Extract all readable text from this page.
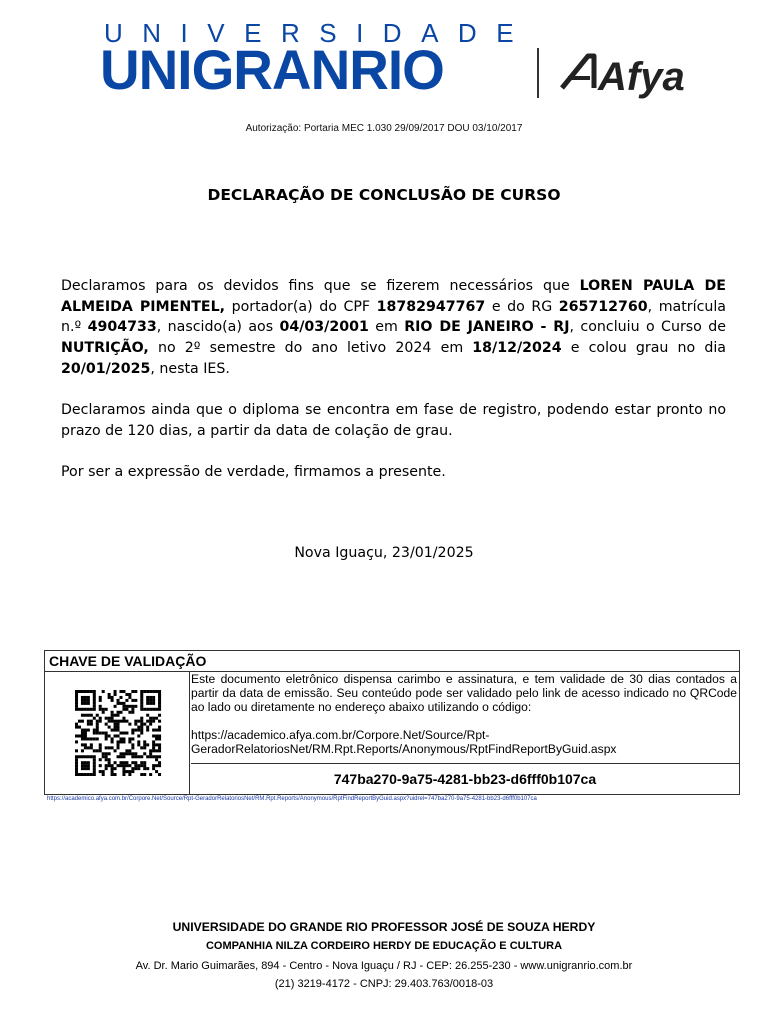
UNIVERSIDADE
UNIGRANRIO	Afya
Autorização: Portaria MEC 1.030 29/09/2017 DOU 03/10/2017
DECLARAÇÃO DE CONCLUSÃO DE CURSO
Declaramos para os devidos fins que se fizerem necessários que LOREN PAULA DE ALMEIDA PIMENTEL, portador(a) do CPF 18782947767 e do RG 265712760, matrícula n.º 4904733, nascido(a) aos 04/03/2001 em RIO DE JANEIRO - RJ, concluiu o Curso de NUTRIÇÃO, no 2º semestre do ano letivo 2024 em 18/12/2024 e colou grau no dia 20/01/2025, nesta IES.
Declaramos ainda que o diploma se encontra em fase de registro, podendo estar pronto no prazo de 120 dias, a partir da data de colação de grau.
Por ser a expressão de verdade, firmamos a presente.
Nova Iguaçu, 23/01/2025
CHAVE DE VALIDAÇÃO
Este documento eletrônico dispensa carimbo e assinatura, e tem validade de 30 dias contados a partir da data de emissão. Seu conteúdo pode ser validado pelo link de acesso indicado no QRCode ao lado ou diretamente no endereço abaixo utilizando o código:
https://academico.afya.com.br/Corpore.Net/Source/Rpt-GeradorRelatoriosNet/RM.Rpt.Reports/Anonymous/RptFindReportByGuid.aspx
747ba270-9a75-4281-bb23-d6fff0b107ca
https://academico.afya.com.br/Corpore.Net/Source/Rpt-GeradorRelatoriosNet/RM.Rpt.Reports/Anonymous/RptFindReportByGuid.aspx?uidrel=747ba270-9a75-4281-bb23-d6fff0b107ca
UNIVERSIDADE DO GRANDE RIO PROFESSOR JOSÉ DE SOUZA HERDY
COMPANHIA NILZA CORDEIRO HERDY DE EDUCAÇÃO E CULTURA
Av. Dr. Mario Guimarães, 894 - Centro - Nova Iguaçu / RJ - CEP: 26.255-230 - www.unigranrio.com.br
(21) 3219-4172 - CNPJ: 29.403.763/0018-03
